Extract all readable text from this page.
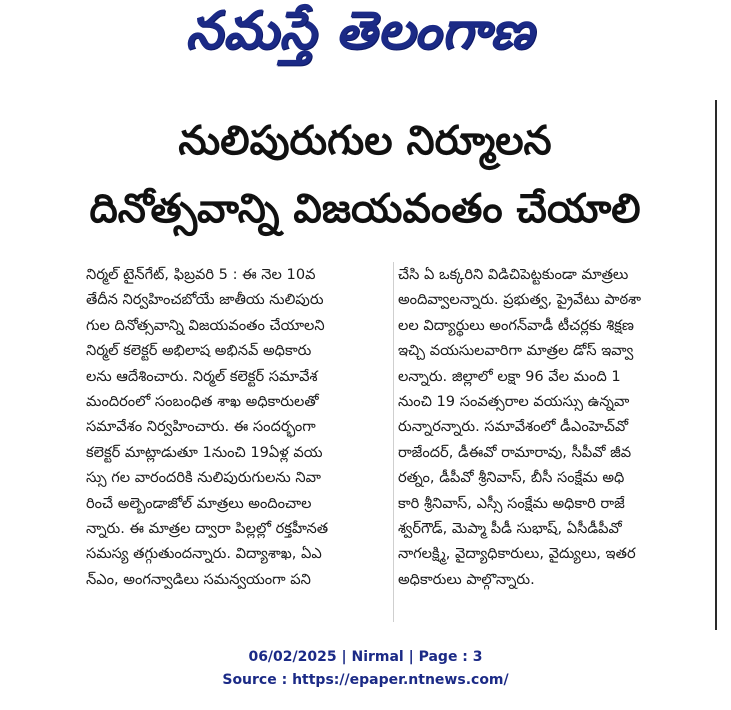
నమస్తే తెలంగాణ
నులిపురుగుల నిర్మూలన
దినోత్సవాన్ని విజయవంతం చేయాలి
నిర్మల్ టైన్‌గేట్, ఫిబ్రవరి 5 : ఈ నెల 10వ
తేదీన నిర్వహించబోయే జాతీయ నులిపురు
గుల దినోత్సవాన్ని విజయవంతం చేయాలని
నిర్మల్ కలెక్టర్ అభిలాష అభినవ్ అధికారు
లను ఆదేశించారు. నిర్మల్ కలెక్టర్ సమావేశ
మందిరంలో సంబంధిత శాఖ అధికారులతో
సమావేశం నిర్వహించారు. ఈ సందర్భంగా
కలెక్టర్ మాట్లాడుతూ 1నుంచి 19ఏళ్ల వయ
స్సు గల వారందరికి నులిపురుగులను నివా
రించే అల్బెండాజోల్ మాత్రలు అందించాల
న్నారు. ఈ మాత్రల ద్వారా పిల్లల్లో రక్తహీనత
సమస్య తగ్గుతుందన్నారు. విద్యాశాఖ, ఏఎ
న్ఎం, అంగన్వాడిలు సమన్వయంగా పని
చేసి ఏ ఒక్కరిని విడిచిపెట్టకుండా మాత్రలు
అందివ్వాలన్నారు. ప్రభుత్వ, ప్రైవేటు పాఠశా
లల విద్యార్థులు అంగన్‌వాడీ టీచర్లకు శిక్షణ
ఇచ్చి వయసులవారిగా మాత్రల డోస్ ఇవ్వా
లన్నారు. జిల్లాలో లక్షా 96 వేల మంది 1
నుంచి 19 సంవత్సరాల వయస్సు ఉన్నవా
రున్నారన్నారు. సమావేశంలో డీఎంహెచ్‌వో
రాజేందర్, డీఈవో రామారావు, సీపీవో జీవ
రత్నం, డీపీవో శ్రీనివాస్, బీసీ సంక్షేమ అధి
కారి శ్రీనివాస్, ఎస్సీ సంక్షేమ అధికారి రాజే
శ్వర్‌గౌడ్, మెప్మా పీడీ సుభాష్, ఏసీడీపీవో
నాగలక్ష్మి, వైద్యాధికారులు, వైద్యులు, ఇతర
అధికారులు పాల్గొన్నారు.
06/02/2025 | Nirmal | Page : 3
Source : https://epaper.ntnews.com/
